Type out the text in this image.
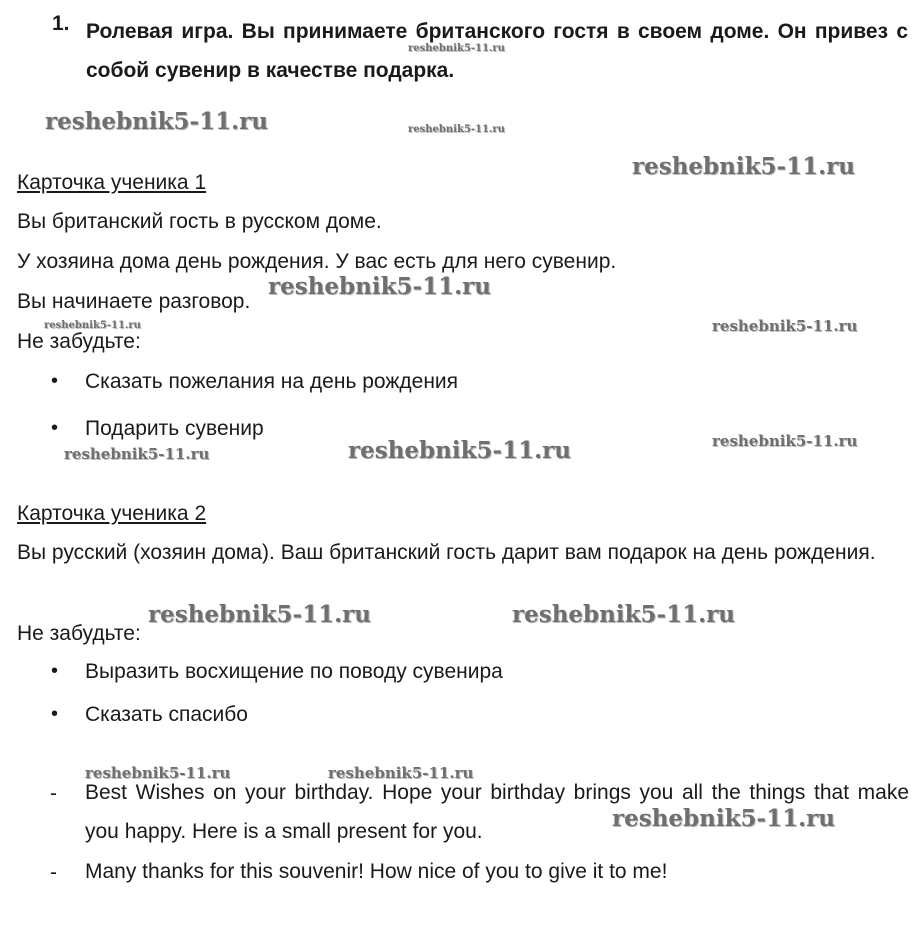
1. Ролевая игра. Вы принимаете британского гостя в своем доме. Он привез с собой сувенир в качестве подарка.
Карточка ученика 1
Вы британский гость в русском доме.
У хозяина дома день рождения. У вас есть для него сувенир.
Вы начинаете разговор.
Не забудьте:
• Сказать пожелания на день рождения
• Подарить сувенир
Карточка ученика 2
Вы русский (хозяин дома). Ваш британский гость дарит вам подарок на день рождения.
Не забудьте:
• Выразить восхищение по поводу сувенира
• Сказать спасибо
- Best Wishes on your birthday. Hope your birthday brings you all the things that make you happy. Here is a small present for you.
- Many thanks for this souvenir! How nice of you to give it to me!
reshebnik5-11.ru
reshebnik5-11.ru	reshebnik5-11.ru
reshebnik5-11.ru
reshebnik5-11.ru
reshebnik5-11.ru	reshebnik5-11.ru
reshebnik5-11.ru
reshebnik5-11.ru
reshebnik5-11.ru
reshebnik5-11.ru	reshebnik5-11.ru
reshebnik5-11.ru	reshebnik5-11.ru
reshebnik5-11.ru
